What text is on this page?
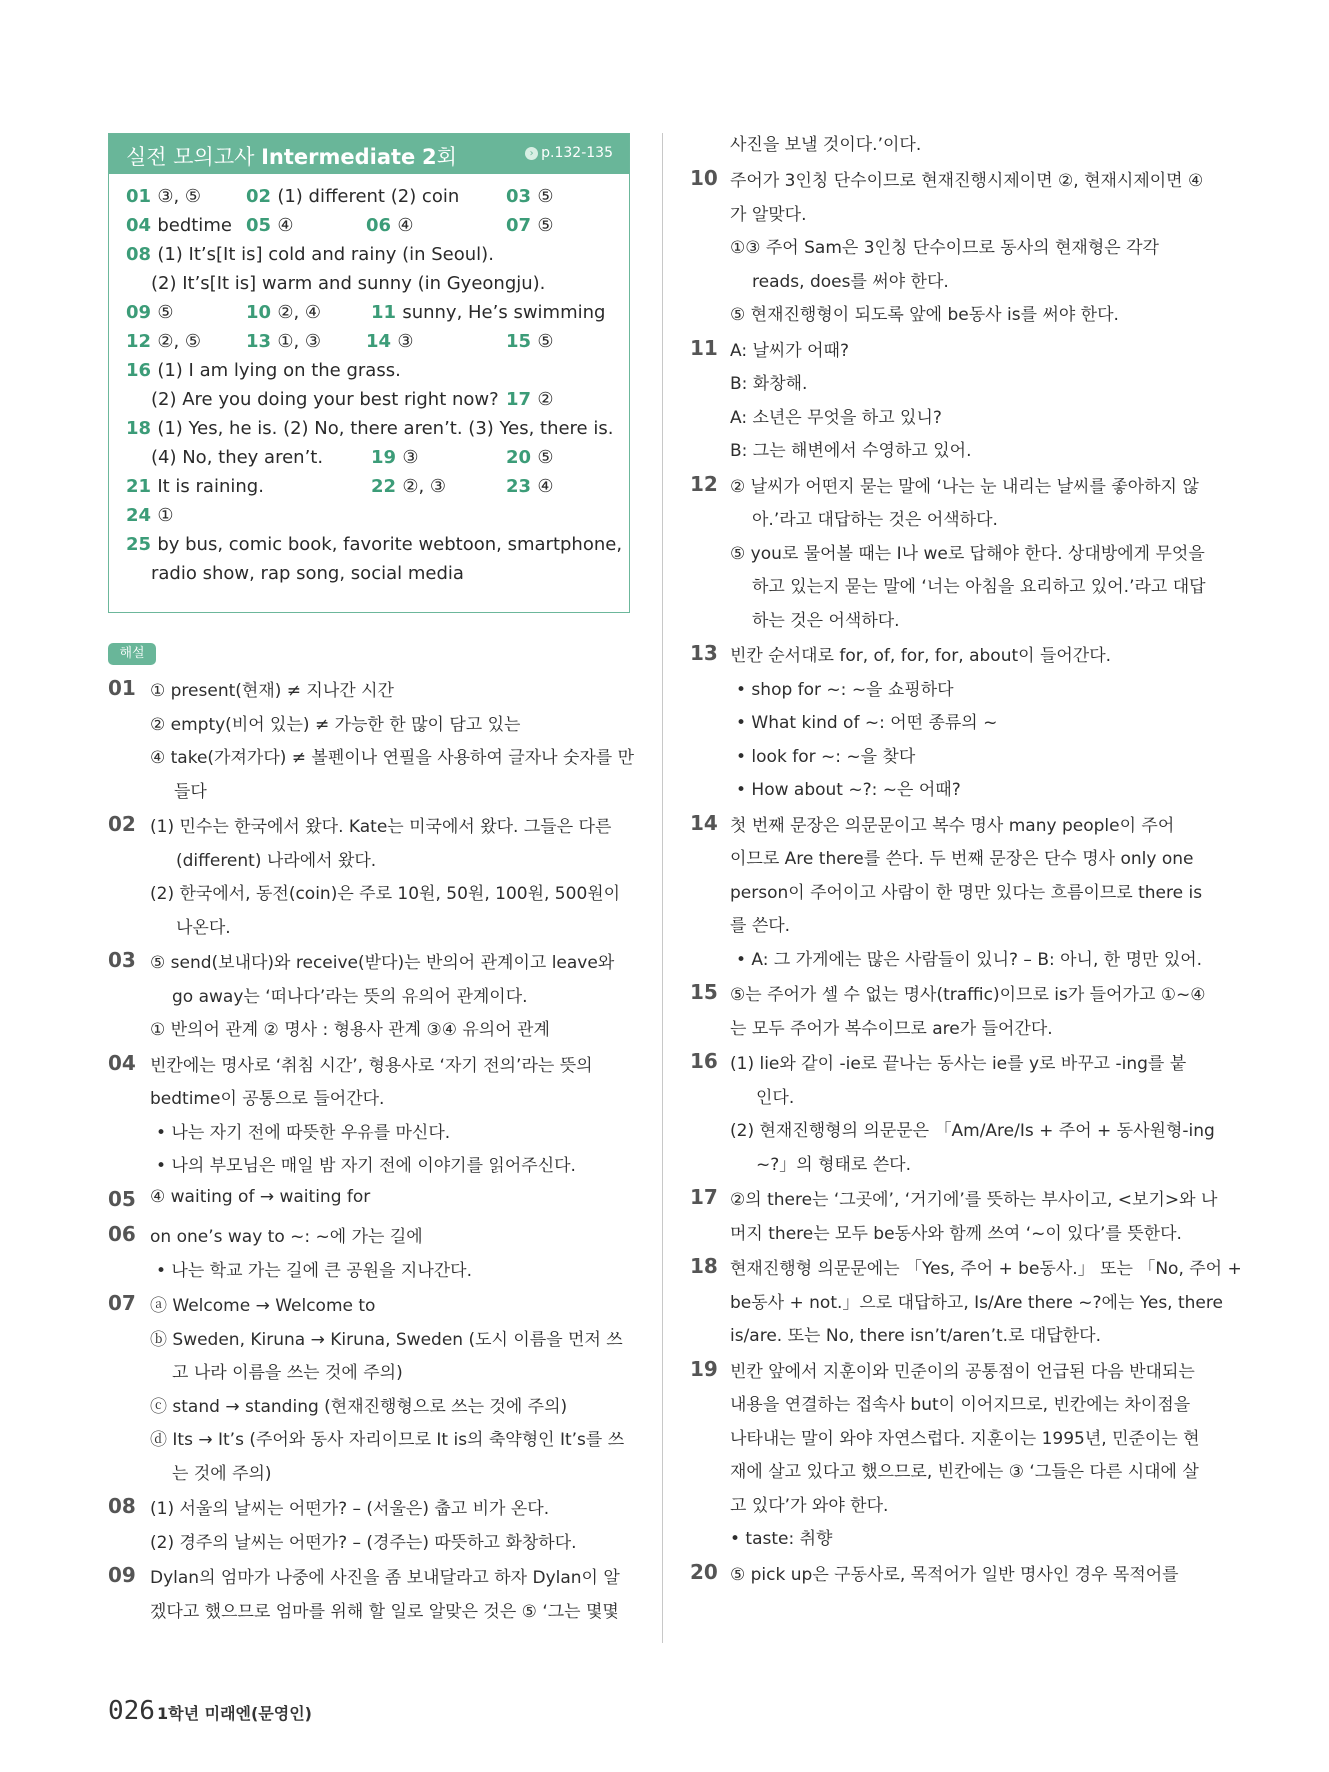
실전 모의고사 Intermediate 2회	› p.132-135
01 ③, ⑤ 02 (1) different (2) coin	03 ⑤
04 bedtime 05 ④	06 ④	07 ⑤
08 (1) It’s[It is] cold and rainy (in Seoul).
(2) It’s[It is] warm and sunny (in Gyeongju).
09 ⑤	10 ②, ④	11 sunny, He’s swimming
12 ②, ⑤ 13 ①, ③ 14 ③	15 ⑤
16 (1) I am lying on the grass.
(2) Are you doing your best right now? 17 ②
18 (1) Yes, he is. (2) No, there aren’t. (3) Yes, there is.
(4) No, they aren’t.	19 ③	20 ⑤
21 It is raining.	22 ②, ③	23 ④
24 ①
25 by bus, comic book, favorite webtoon, smartphone,
radio show, rap song, social media
해설
01 ① present(현재) ≠ 지나간 시간
② empty(비어 있는) ≠ 가능한 한 많이 담고 있는
④ take(가져가다) ≠ 볼펜이나 연필을 사용하여 글자나 숫자를 만
들다
02 (1) 민수는 한국에서 왔다. Kate는 미국에서 왔다. 그들은 다른
(different) 나라에서 왔다.
(2) 한국에서, 동전(coin)은 주로 10원, 50원, 100원, 500원이
나온다.
03 ⑤ send(보내다)와 receive(받다)는 반의어 관계이고 leave와
go away는 ‘떠나다’라는 뜻의 유의어 관계이다.
① 반의어 관계 ② 명사 : 형용사 관계 ③④ 유의어 관계
04 빈칸에는 명사로 ‘취침 시간’, 형용사로 ‘자기 전의’라는 뜻의
bedtime이 공통으로 들어간다.
• 나는 자기 전에 따뜻한 우유를 마신다.
• 나의 부모님은 매일 밤 자기 전에 이야기를 읽어주신다.
05 ④ waiting of → waiting for
06 on one’s way to ~: ~에 가는 길에
• 나는 학교 가는 길에 큰 공원을 지나간다.
07 ⓐ Welcome → Welcome to
ⓑ Sweden, Kiruna → Kiruna, Sweden (도시 이름을 먼저 쓰
고 나라 이름을 쓰는 것에 주의)
ⓒ stand → standing (현재진행형으로 쓰는 것에 주의)
ⓓ Its → It’s (주어와 동사 자리이므로 It is의 축약형인 It’s를 쓰
는 것에 주의)
08 (1) 서울의 날씨는 어떤가? – (서울은) 춥고 비가 온다.
(2) 경주의 날씨는 어떤가? – (경주는) 따뜻하고 화창하다.
09 Dylan의 엄마가 나중에 사진을 좀 보내달라고 하자 Dylan이 알
겠다고 했으므로 엄마를 위해 할 일로 알맞은 것은 ⑤ ‘그는 몇몇
사진을 보낼 것이다.’이다.
10 주어가 3인칭 단수이므로 현재진행시제이면 ②, 현재시제이면 ④
가 알맞다.
①③ 주어 Sam은 3인칭 단수이므로 동사의 현재형은 각각
reads, does를 써야 한다.
⑤ 현재진행형이 되도록 앞에 be동사 is를 써야 한다.
11 A: 날씨가 어때?
B: 화창해.
A: 소년은 무엇을 하고 있니?
B: 그는 해변에서 수영하고 있어.
12 ② 날씨가 어떤지 묻는 말에 ‘나는 눈 내리는 날씨를 좋아하지 않
아.’라고 대답하는 것은 어색하다.
⑤ you로 물어볼 때는 I나 we로 답해야 한다. 상대방에게 무엇을
하고 있는지 묻는 말에 ‘너는 아침을 요리하고 있어.’라고 대답
하는 것은 어색하다.
13 빈칸 순서대로 for, of, for, for, about이 들어간다.
• shop for ~: ~을 쇼핑하다
• What kind of ~: 어떤 종류의 ~
• look for ~: ~을 찾다
• How about ~?: ~은 어때?
14 첫 번째 문장은 의문문이고 복수 명사 many people이 주어
이므로 Are there를 쓴다. 두 번째 문장은 단수 명사 only one
person이 주어이고 사람이 한 명만 있다는 흐름이므로 there is
를 쓴다.
• A: 그 가게에는 많은 사람들이 있니? – B: 아니, 한 명만 있어.
15 ⑤는 주어가 셀 수 없는 명사(traffic)이므로 is가 들어가고 ①~④
는 모두 주어가 복수이므로 are가 들어간다.
16 (1) lie와 같이 -ie로 끝나는 동사는 ie를 y로 바꾸고 -ing를 붙
인다.
(2) 현재진행형의 의문문은 「Am/Are/Is + 주어 + 동사원형-ing
~?」의 형태로 쓴다.
17 ②의 there는 ‘그곳에’, ‘거기에’를 뜻하는 부사이고, <보기>와 나
머지 there는 모두 be동사와 함께 쓰여 ‘~이 있다’를 뜻한다.
18 현재진행형 의문문에는 「Yes, 주어 + be동사.」 또는 「No, 주어 +
be동사 + not.」으로 대답하고, Is/Are there ~?에는 Yes, there
is/are. 또는 No, there isn’t/aren’t.로 대답한다.
19 빈칸 앞에서 지훈이와 민준이의 공통점이 언급된 다음 반대되는
내용을 연결하는 접속사 but이 이어지므로, 빈칸에는 차이점을
나타내는 말이 와야 자연스럽다. 지훈이는 1995년, 민준이는 현
재에 살고 있다고 했으므로, 빈칸에는 ③ ‘그들은 다른 시대에 살
고 있다’가 와야 한다.
• taste: 취향
20 ⑤ pick up은 구동사로, 목적어가 일반 명사인 경우 목적어를
026 1학년 미래엔(문영인)
